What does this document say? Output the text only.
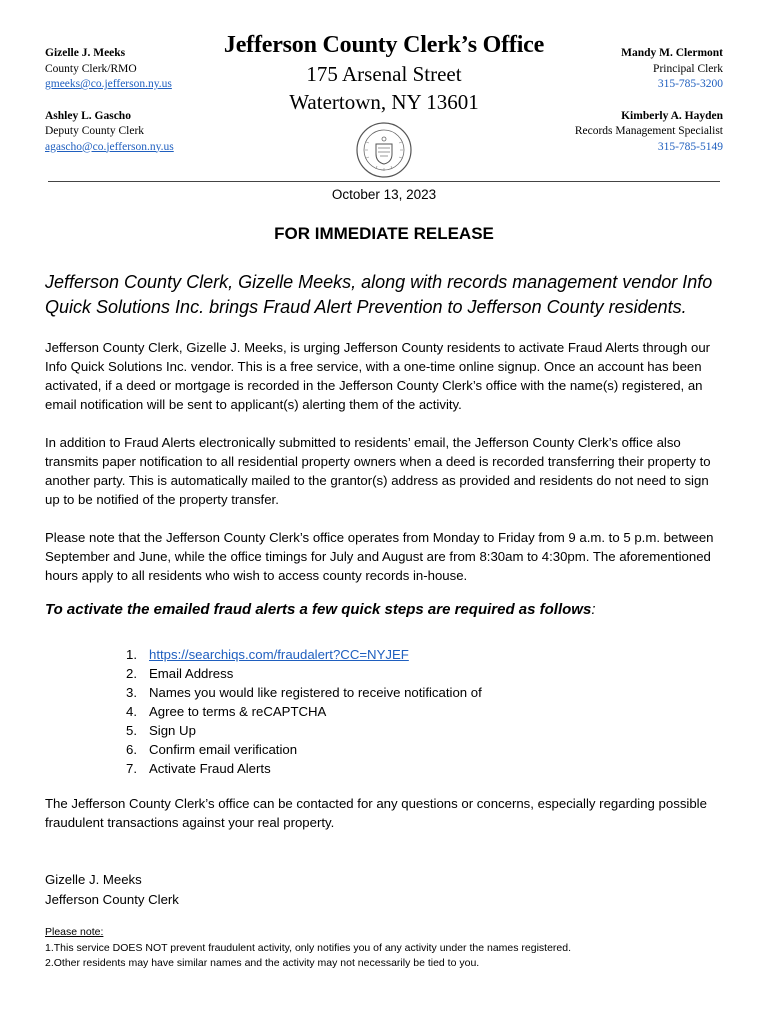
Gizelle J. Meeks
County Clerk/RMO
gmeeks@co.jefferson.ny.us
Ashley L. Gascho
Deputy County Clerk
agascho@co.jefferson.ny.us
Jefferson County Clerk’s Office
175 Arsenal Street
Watertown, NY 13601
Mandy M. Clermont
Principal Clerk
315-785-3200
Kimberly A. Hayden
Records Management Specialist
315-785-5149
October 13, 2023
FOR IMMEDIATE RELEASE
Jefferson County Clerk, Gizelle Meeks, along with records management vendor Info Quick Solutions Inc. brings Fraud Alert Prevention to Jefferson County residents.
Jefferson County Clerk, Gizelle J. Meeks, is urging Jefferson County residents to activate Fraud Alerts through our Info Quick Solutions Inc. vendor. This is a free service, with a one-time online signup. Once an account has been activated, if a deed or mortgage is recorded in the Jefferson County Clerk’s office with the name(s) registered, an email notification will be sent to applicant(s) alerting them of the activity.
In addition to Fraud Alerts electronically submitted to residents’ email, the Jefferson County Clerk’s office also transmits paper notification to all residential property owners when a deed is recorded transferring their property to another party. This is automatically mailed to the grantor(s) address as provided and residents do not need to sign up to be notified of the property transfer.
Please note that the Jefferson County Clerk’s office operates from Monday to Friday from 9 a.m. to 5 p.m. between September and June, while the office timings for July and August are from 8:30am to 4:30pm. The aforementioned hours apply to all residents who wish to access county records in-house.
To activate the emailed fraud alerts a few quick steps are required as follows:
1. https://searchiqs.com/fraudalert?CC=NYJEF
2. Email Address
3. Names you would like registered to receive notification of
4. Agree to terms & reCAPTCHA
5. Sign Up
6. Confirm email verification
7. Activate Fraud Alerts
The Jefferson County Clerk’s office can be contacted for any questions or concerns, especially regarding possible fraudulent transactions against your real property.
Gizelle J. Meeks
Jefferson County Clerk
Please note:
1.This service DOES NOT prevent fraudulent activity, only notifies you of any activity under the names registered.
2.Other residents may have similar names and the activity may not necessarily be tied to you.
